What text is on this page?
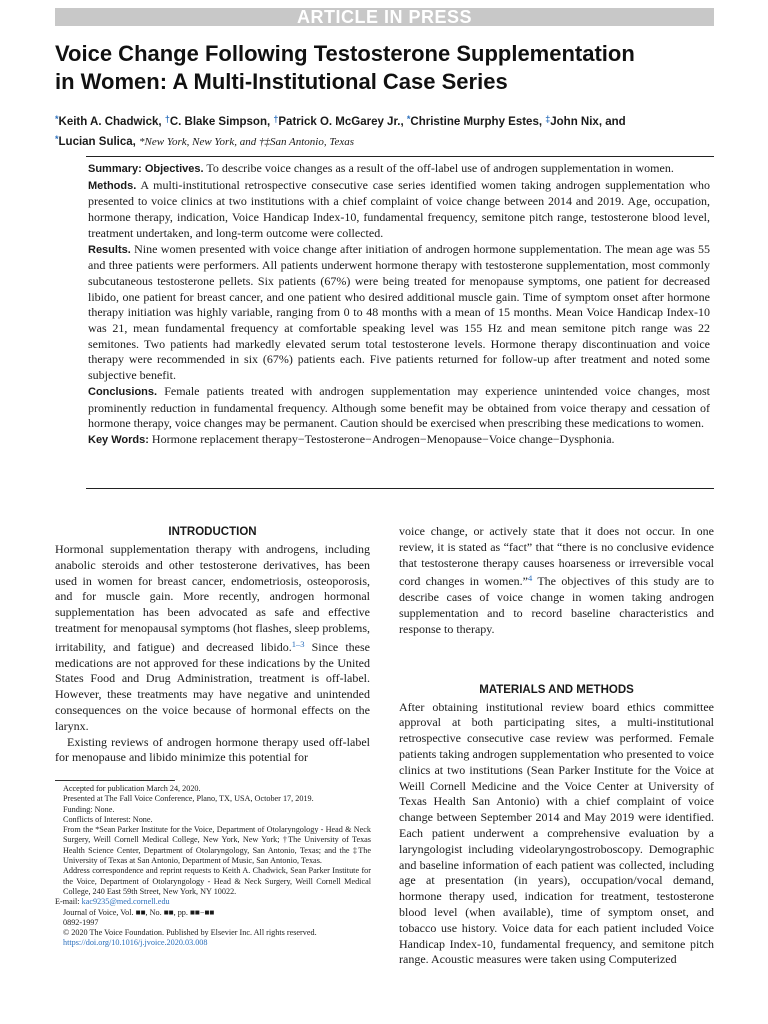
ARTICLE IN PRESS
Voice Change Following Testosterone Supplementation
in Women: A Multi-Institutional Case Series
*Keith A. Chadwick, †C. Blake Simpson, †Patrick O. McGarey Jr., *Christine Murphy Estes, ‡John Nix, and
*Lucian Sulica, *New York, New York, and †‡San Antonio, Texas

Summary: Objectives. To describe voice changes as a result of the off-label use of androgen supplementation in women.

Methods. A multi-institutional retrospective consecutive case series identified women taking androgen supplementation who presented to voice clinics at two institutions with a chief complaint of voice change between 2014 and 2019. Age, occupation, hormone therapy, indication, Voice Handicap Index-10, fundamental frequency, semitone pitch range, testosterone blood level, treatment undertaken, and long-term outcome were collected.

Results. Nine women presented with voice change after initiation of androgen hormone supplementation. The mean age was 55 and three patients were performers. All patients underwent hormone therapy with testosterone supplementation, most commonly subcutaneous testosterone pellets. Six patients (67%) were being treated for menopause symptoms, one patient for decreased libido, one patient for breast cancer, and one patient who desired additional muscle gain. Time of symptom onset after hormone therapy initiation was highly variable, ranging from 0 to 48 months with a mean of 15 months. Mean Voice Handicap Index-10 was 21, mean fundamental frequency at comfortable speaking level was 155 Hz and mean semitone pitch range was 22 semitones. Two patients had markedly elevated serum total testosterone levels. Hormone therapy discontinuation and voice therapy were recommended in six (67%) patients each. Five patients returned for follow-up after treatment and noted some subjective benefit.

Conclusions. Female patients treated with androgen supplementation may experience unintended voice changes, most prominently reduction in fundamental frequency. Although some benefit may be obtained from voice therapy and cessation of hormone therapy, voice changes may be permanent. Caution should be exercised when prescribing these medications to women.

Key Words: Hormone replacement therapy−Testosterone−Androgen−Menopause−Voice change−Dysphonia.

INTRODUCTION

Hormonal supplementation therapy with androgens, including anabolic steroids and other testosterone derivatives, has been used in women for breast cancer, endometriosis, osteoporosis, and for muscle gain. More recently, androgen hormonal supplementation has been advocated as safe and effective treatment for menopausal symptoms (hot flashes, sleep problems, irritability, and fatigue) and decreased libido.$^{1-3}$ Since these medications are not approved for these indications by the United States Food and Drug Administration, treatment is off-label. However, these treatments may have negative and unintended consequences on the voice because of hormonal effects on the larynx.

Existing reviews of androgen hormone therapy used off-label for menopause and libido minimize this potential for

voice change, or actively state that it does not occur. In one review, it is stated as “fact” that “there is no conclusive evidence that testosterone therapy causes hoarseness or irreversible vocal cord changes in women.”$^4$ The objectives of this study are to describe cases of voice change in women taking androgen supplementation and to record baseline characteristics and response to therapy.

MATERIALS AND METHODS

After obtaining institutional review board ethics committee approval at both participating sites, a multi-institutional retrospective consecutive case review was performed. Female patients taking androgen supplementation who presented to voice clinics at two institutions (Sean Parker Institute for the Voice at Weill Cornell Medicine and the Voice Center at University of Texas Health San Antonio) with a chief complaint of voice change between September 2014 and May 2019 were identified. Each patient underwent a comprehensive evaluation by a laryngologist including videolaryngostroboscopy. Demographic and baseline information of each patient was collected, including age at presentation (in years), occupation/vocal demand, hormone therapy used, indication for treatment, testosterone blood level (when available), time of symptom onset, and tobacco use history. Voice data for each patient included Voice Handicap Index-10, fundamental frequency, and semitone pitch range. Acoustic measures were taken using Computerized

Accepted for publication March 24, 2020.

Presented at The Fall Voice Conference, Plano, TX, USA, October 17, 2019.

Funding: None.

Conflicts of Interest: None.

From the *Sean Parker Institute for the Voice, Department of Otolaryngology - Head & Neck Surgery, Weill Cornell Medical College, New York, New York; †The University of Texas Health Science Center, Department of Otolaryngology, San Antonio, Texas; and the ‡The University of Texas at San Antonio, Department of Music, San Antonio, Texas.

Address correspondence and reprint requests to Keith A. Chadwick, Sean Parker Institute for the Voice, Department of Otolaryngology - Head & Neck Surgery, Weill Cornell Medical College, 240 East 59th Street, New York, NY 10022.

E-mail: kac9235@med.cornell.edu

Journal of Voice, Vol. ■■, No. ■■, pp. ■■−■■

0892-1997

© 2020 The Voice Foundation. Published by Elsevier Inc. All rights reserved.

https://doi.org/10.1016/j.jvoice.2020.03.008
